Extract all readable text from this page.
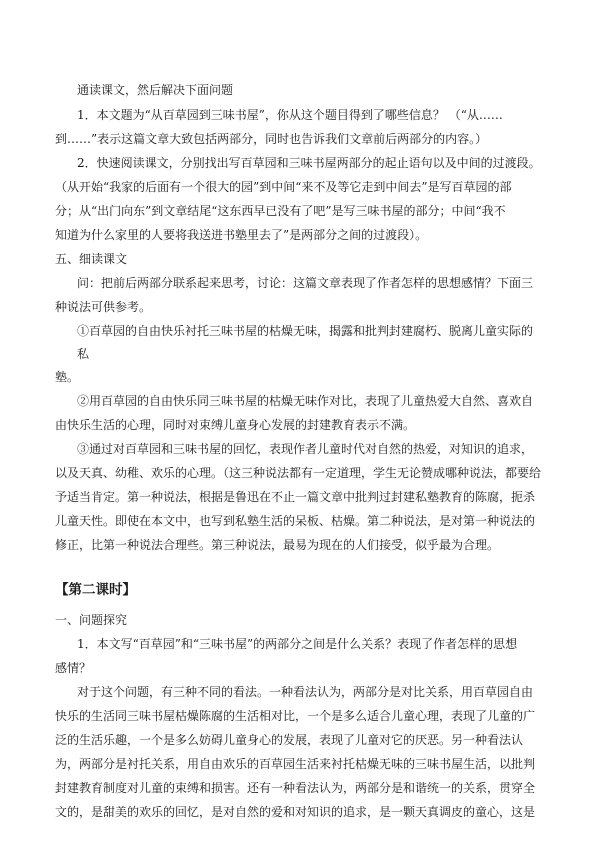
【第二课时】
通读课文，然后解决下面问题
1．本文题为“从百草园到三味书屋”，你从这个题目得到了哪些信息？ （“从……
到……”表示这篇文章大致包括两部分，同时也告诉我们文章前后两部分的内容。）
2．快速阅读课文，分别找出写百草园和三味书屋两部分的起止语句以及中间的过渡段。
（从开始“我家的后面有一个很大的园”到中间“来不及等它走到中间去”是写百草园的部
分；从“出门向东”到文章结尾“这东西早已没有了吧”是写三味书屋的部分；中间“我不
知道为什么家里的人要将我送进书塾里去了”是两部分之间的过渡段）。
五、细读课文
问：把前后两部分联系起来思考，讨论：这篇文章表现了作者怎样的思想感情？下面三
种说法可供参考。
①百草园的自由快乐衬托三味书屋的枯燥无味，揭露和批判封建腐朽、脱离儿童实际的
私
塾。
②用百草园的自由快乐同三味书屋的枯燥无味作对比，表现了儿童热爱大自然、喜欢自
由快乐生活的心理，同时对束缚儿童身心发展的封建教育表示不满。
③通过对百草园和三味书屋的回忆，表现作者儿童时代对自然的热爱，对知识的追求，
以及天真、幼稚、欢乐的心理。（这三种说法都有一定道理，学生无论赞成哪种说法，都要给
予适当肯定。第一种说法，根据是鲁迅在不止一篇文章中批判过封建私塾教育的陈腐，扼杀
儿童天性。即使在本文中，也写到私塾生活的呆板、枯燥。第二种说法，是对第一种说法的
修正，比第一种说法合理些。第三种说法，最易为现在的人们接受，似乎最为合理。
一、问题探究
1．本文写“百草园”和“三味书屋”的两部分之间是什么关系？表现了作者怎样的思想
感情？
对于这个问题，有三种不同的看法。一种看法认为，两部分是对比关系，用百草园自由
快乐的生活同三味书屋枯燥陈腐的生活相对比，一个是多么适合儿童心理，表现了儿童的广
泛的生活乐趣，一个是多么妨碍儿童身心的发展，表现了儿童对它的厌恶。另一种看法认
为，两部分是衬托关系，用自由欢乐的百草园生活来衬托枯燥无味的三味书屋生活，以批判
封建教育制度对儿童的束缚和损害。还有一种看法认为，两部分是和谐统一的关系，贯穿全
文的，是甜美的欢乐的回忆，是对自然的爱和对知识的追求，是一颗天真调皮的童心，这是
